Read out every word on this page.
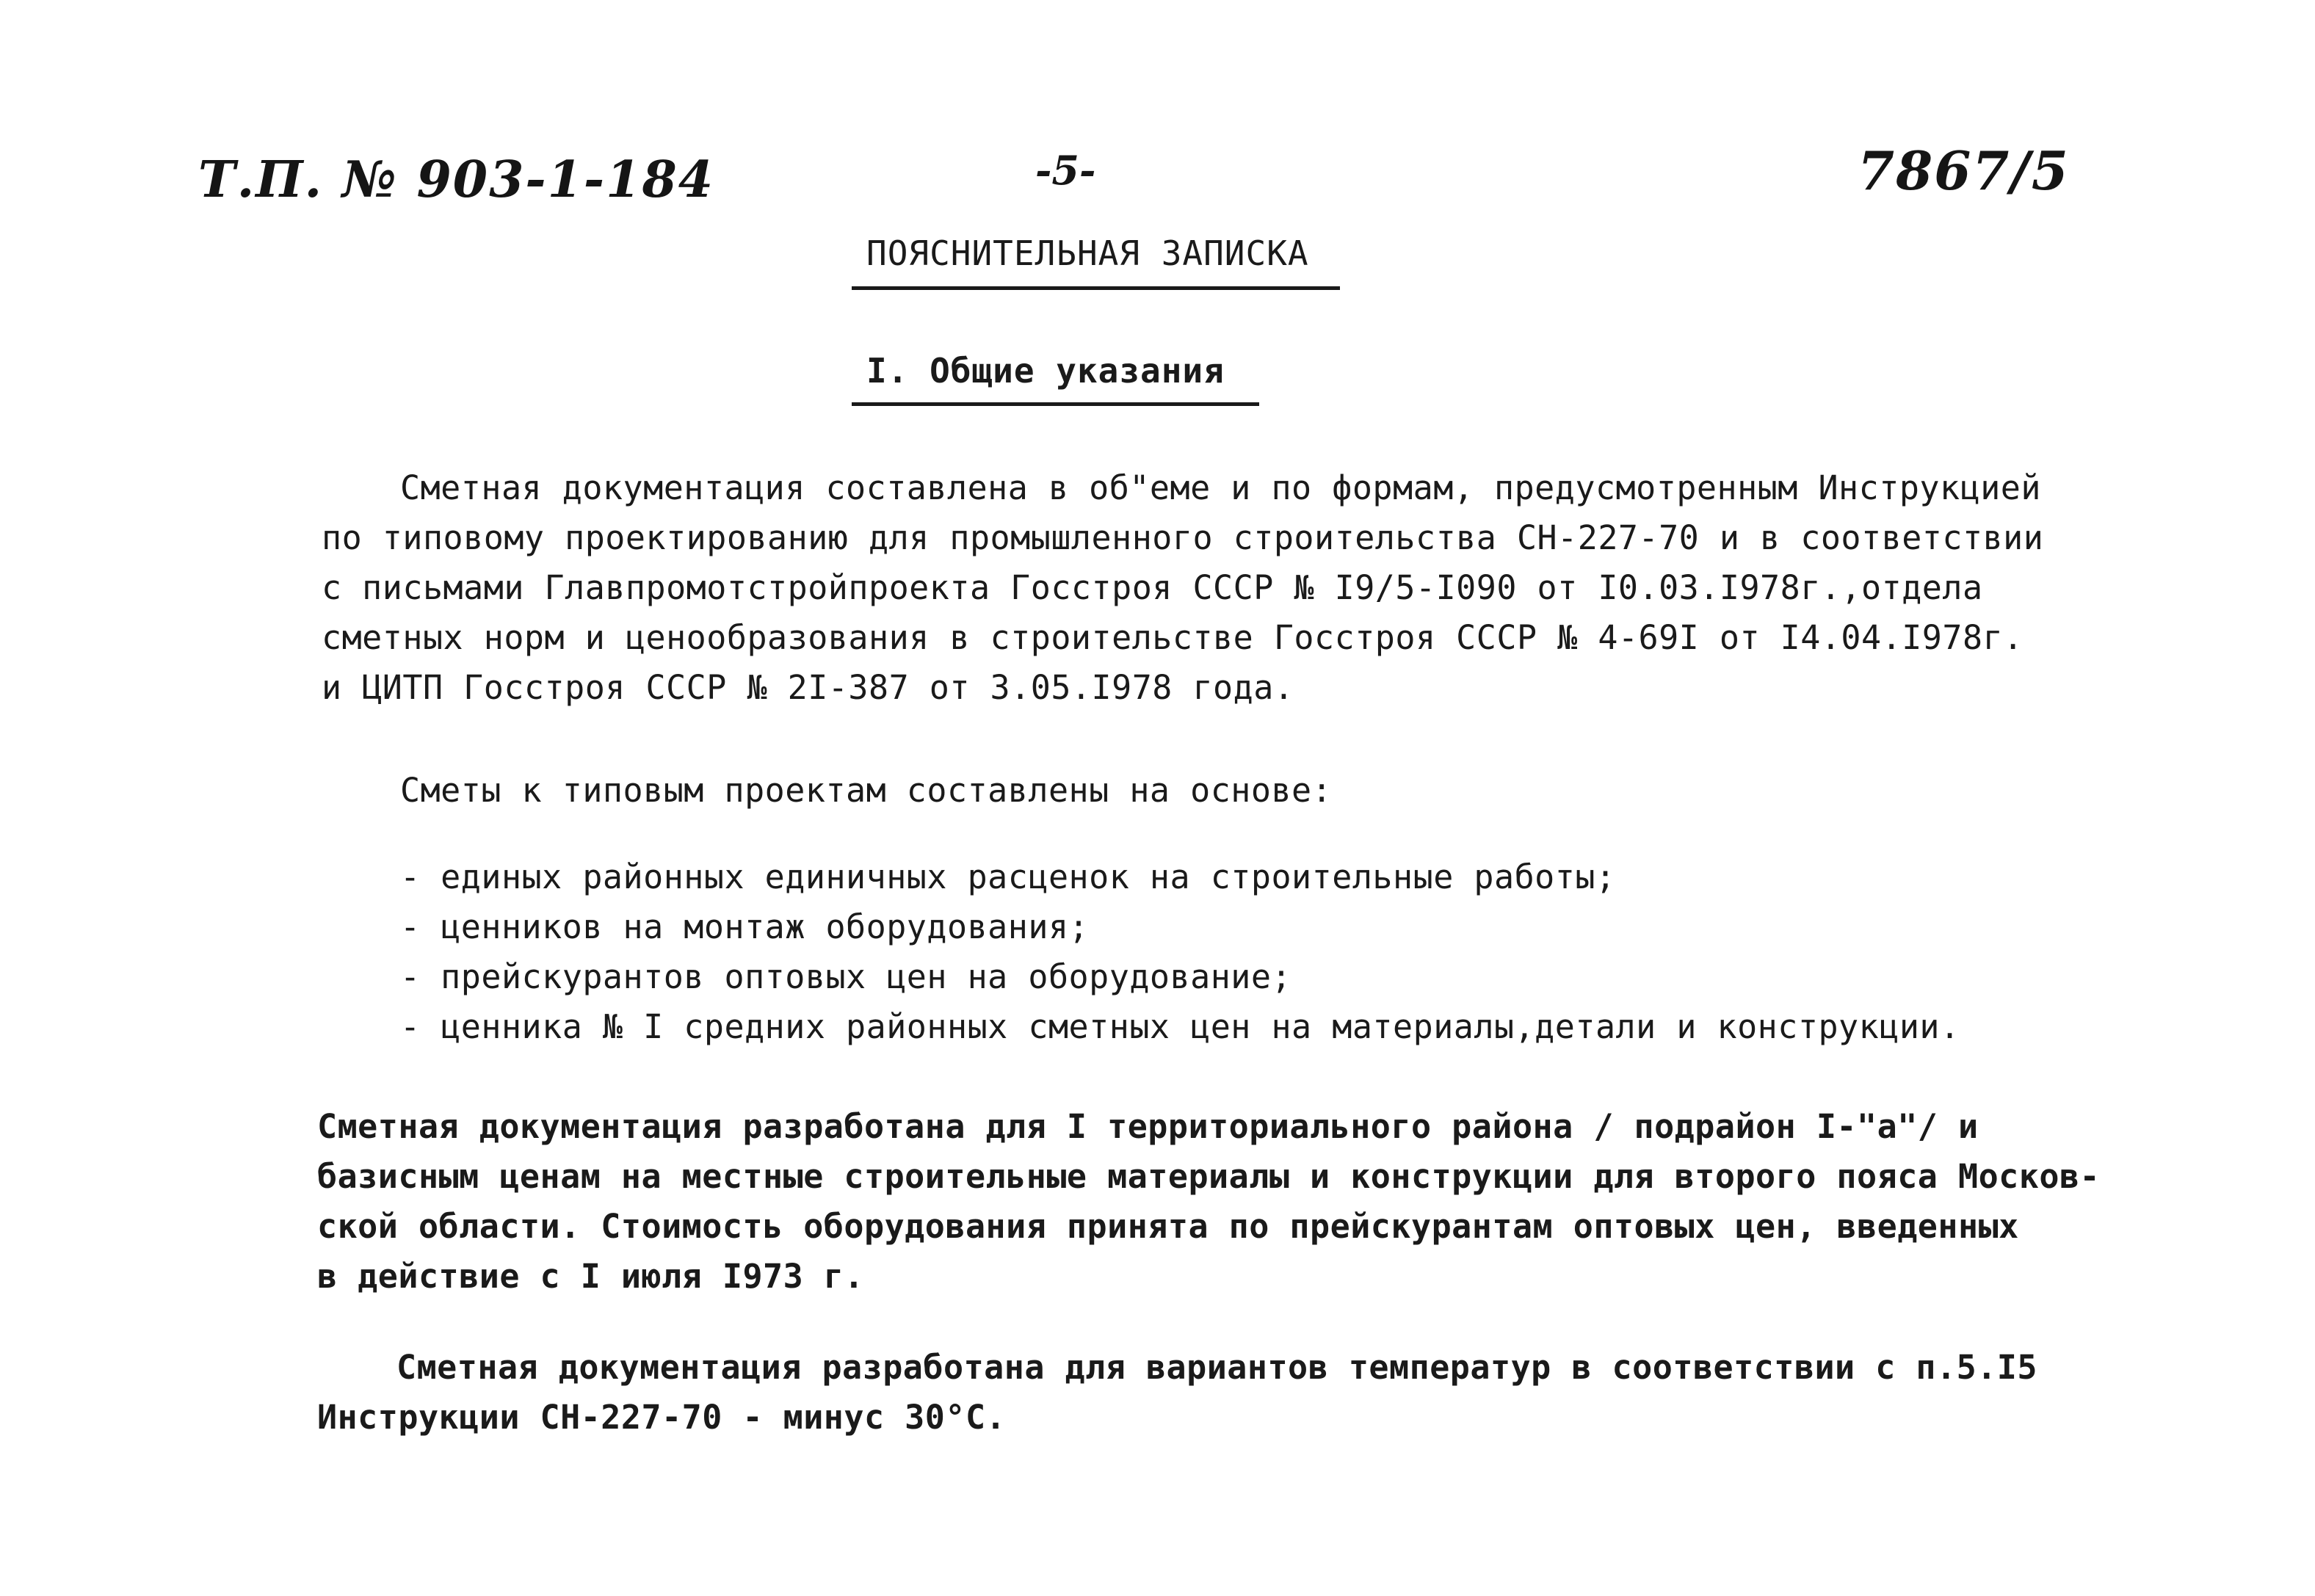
Т.П. № 903-1-184	-5-	7867/5
ПОЯСНИТЕЛЬНАЯ ЗАПИСКА
I. Общие указания
Сметная документация составлена в об"еме и по формам, предусмотренным Инструкцией
по типовому проектированию для промышленного строительства СН-227-70 и в соответствии
с письмами Главпромотстройпроекта Госстроя СССР № I9/5-I090 от I0.03.I978г.,отдела
сметных норм и ценообразования в строительстве Госстроя СССР № 4-69I от I4.04.I978г.
и ЦИТП Госстроя СССР № 2I-387 от 3.05.I978 года.
Сметы к типовым проектам составлены на основе:
- единых районных единичных расценок на строительные работы;
- ценников на монтаж оборудования;
- прейскурантов оптовых цен на оборудование;
- ценника № I средних районных сметных цен на материалы,детали и конструкции.
Сметная документация разработана для I территориального района / подрайон I-"а"/ и
базисным ценам на местные строительные материалы и конструкции для второго пояса Москов-
ской области. Стоимость оборудования принята по прейскурантам оптовых цен, введенных
в действие с I июля I973 г.
Сметная документация разработана для вариантов температур в соответствии с п.5.I5
Инструкции СН-227-70 - минус 30°С.
